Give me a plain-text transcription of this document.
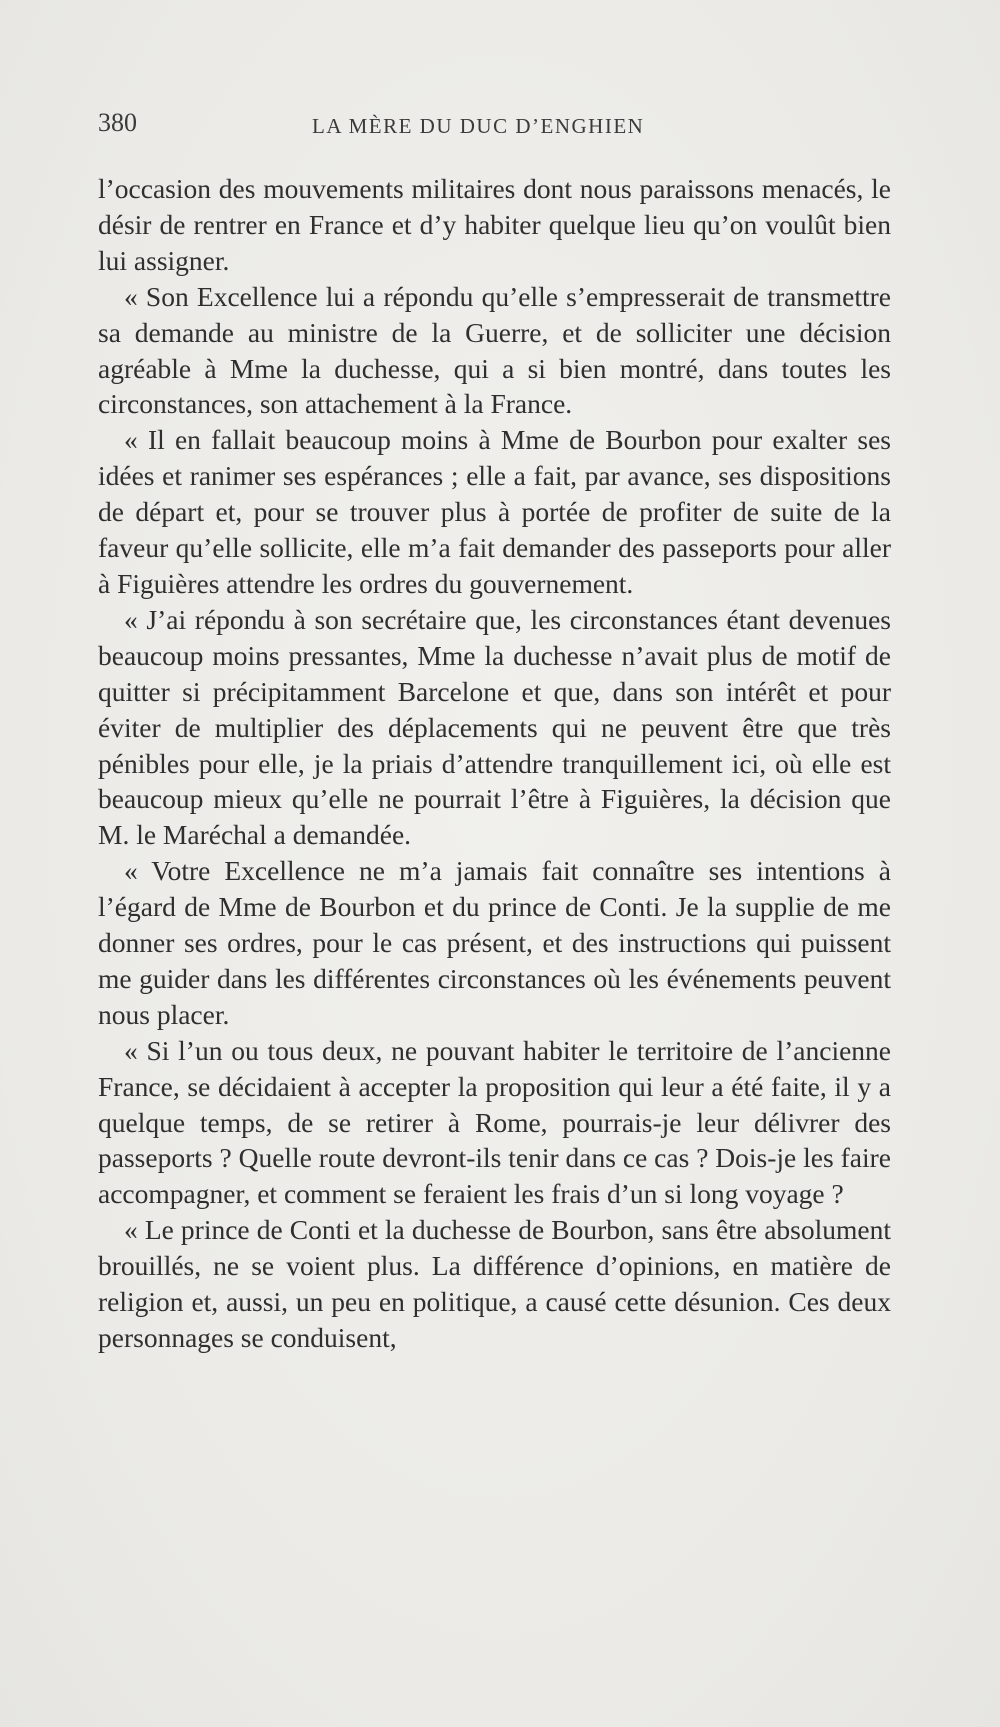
380	LA MÈRE DU DUC D’ENGHIEN

l’occasion des mouvements militaires dont nous paraissons menacés, le désir de rentrer en France et d’y habiter quelque lieu qu’on voulût bien lui assigner.

« Son Excellence lui a répondu qu’elle s’empresserait de transmettre sa demande au ministre de la Guerre, et de solliciter une décision agréable à Mme la duchesse, qui a si bien montré, dans toutes les circonstances, son attachement à la France.

« Il en fallait beaucoup moins à Mme de Bourbon pour exalter ses idées et ranimer ses espérances ; elle a fait, par avance, ses dispositions de départ et, pour se trouver plus à portée de profiter de suite de la faveur qu’elle sollicite, elle m’a fait demander des passeports pour aller à Figuières attendre les ordres du gouvernement.

« J’ai répondu à son secrétaire que, les circonstances étant devenues beaucoup moins pressantes, Mme la duchesse n’avait plus de motif de quitter si précipitamment Barcelone et que, dans son intérêt et pour éviter de multiplier des déplacements qui ne peuvent être que très pénibles pour elle, je la priais d’attendre tranquillement ici, où elle est beaucoup mieux qu’elle ne pourrait l’être à Figuières, la décision que M. le Maréchal a demandée.

« Votre Excellence ne m’a jamais fait connaître ses intentions à l’égard de Mme de Bourbon et du prince de Conti. Je la supplie de me donner ses ordres, pour le cas présent, et des instructions qui puissent me guider dans les différentes circonstances où les événements peuvent nous placer.

« Si l’un ou tous deux, ne pouvant habiter le territoire de l’ancienne France, se décidaient à accepter la proposition qui leur a été faite, il y a quelque temps, de se retirer à Rome, pourrais-je leur délivrer des passeports ? Quelle route devront-ils tenir dans ce cas ? Dois-je les faire accompagner, et comment se feraient les frais d’un si long voyage ?

« Le prince de Conti et la duchesse de Bourbon, sans être absolument brouillés, ne se voient plus. La différence d’opinions, en matière de religion et, aussi, un peu en politique, a causé cette désunion. Ces deux personnages se conduisent,
